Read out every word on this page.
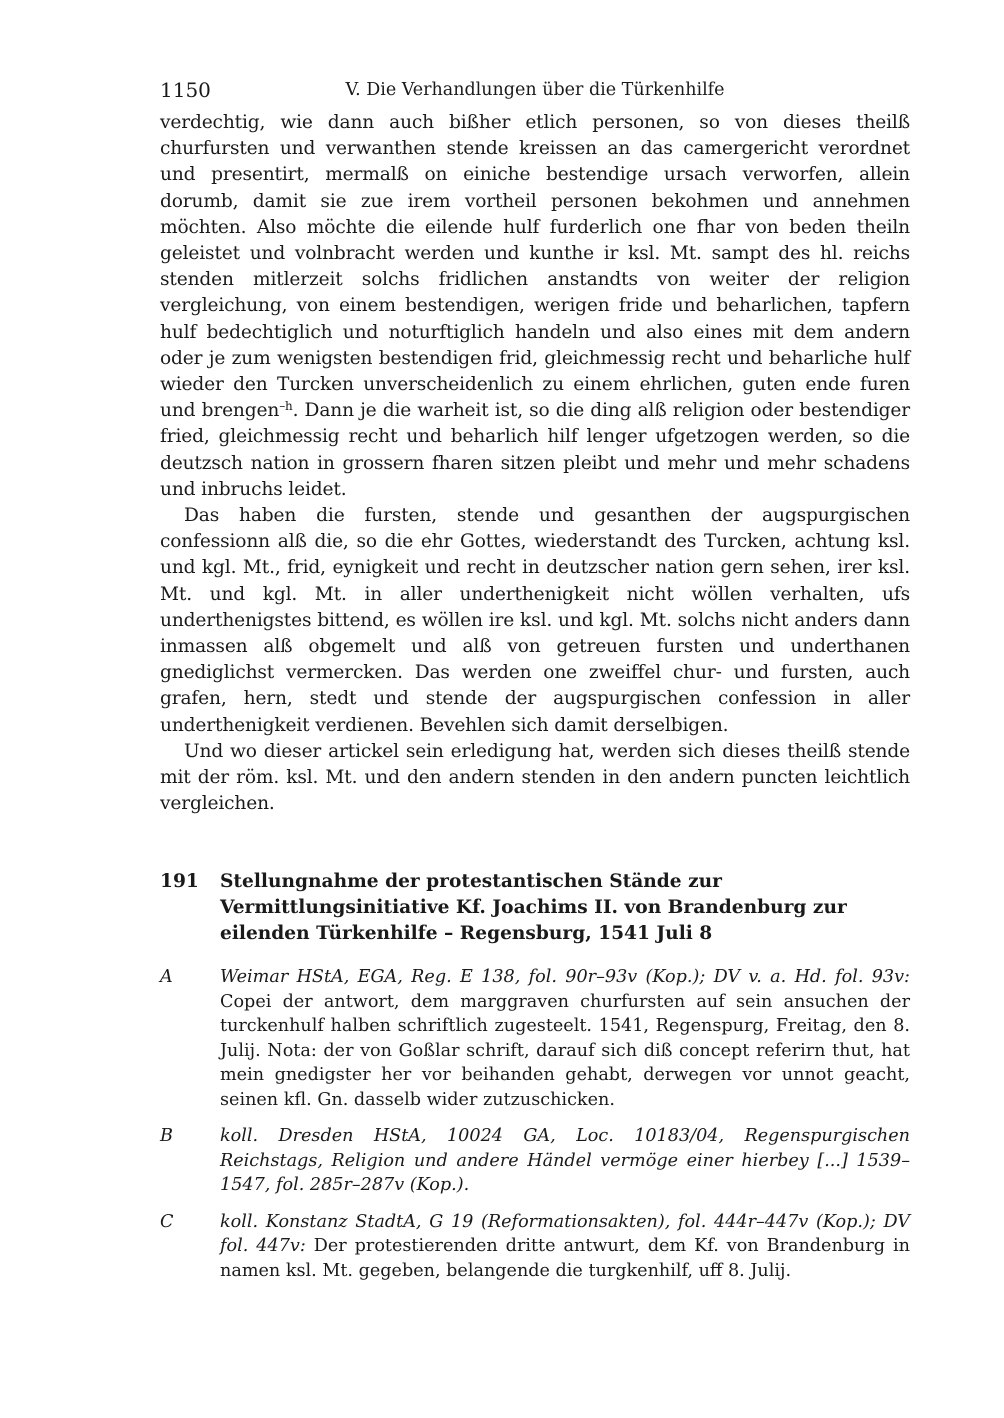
1150	V. Die Verhandlungen über die Türkenhilfe

verdechtig, wie dann auch bißher etlich personen, so von dieses theilß churfursten und verwanthen stende kreissen an das camergericht verordnet und presentirt, mermalß on einiche bestendige ursach verworfen, allein dorumb, damit sie zue irem vortheil personen bekohmen und annehmen möchten. Also möchte die eilende hulf furderlich one fhar von beden theiln geleistet und volnbracht werden und kunthe ir ksl. Mt. sampt des hl. reichs stenden mitlerzeit solchs fridlichen anstandts von weiter der religion vergleichung, von einem bestendigen, werigen fride und beharlichen, tapfern hulf bedechtiglich und noturftiglich handeln und also eines mit dem andern oder je zum wenigsten bestendigen frid, gleichmessig recht und beharliche hulf wieder den Turcken unverscheidenlich zu einem ehrlichen, guten ende furen und brengen$^{-h}$. Dann je die warheit ist, so die ding alß religion oder bestendiger fried, gleichmessig recht und beharlich hilf lenger ufgetzogen werden, so die deutzsch nation in grossern fharen sitzen pleibt und mehr und mehr schadens und inbruchs leidet.

Das haben die fursten, stende und gesanthen der augspurgischen confessionn alß die, so die ehr Gottes, wiederstandt des Turcken, achtung ksl. und kgl. Mt., frid, eynigkeit und recht in deutzscher nation gern sehen, irer ksl. Mt. und kgl. Mt. in aller underthenigkeit nicht wöllen verhalten, ufs underthenigstes bittend, es wöllen ire ksl. und kgl. Mt. solchs nicht anders dann inmassen alß obgemelt und alß von getreuen fursten und underthanen gnediglichst vermercken. Das werden one zweiffel chur- und fursten, auch grafen, hern, stedt und stende der augspurgischen confession in aller underthenigkeit verdienen. Bevehlen sich damit derselbigen.

Und wo dieser artickel sein erledigung hat, werden sich dieses theilß stende mit der röm. ksl. Mt. und den andern stenden in den andern puncten leichtlich vergleichen.

191	Stellungnahme der protestantischen Stände zur Vermittlungsinitiative Kf. Joachims II. von Brandenburg zur eilenden Türkenhilfe – Regensburg, 1541 Juli 8
A	Weimar HStA, EGA, Reg. E 138, fol. 90r–93v (Kop.); DV v. a. Hd. fol. 93v: Copei der antwort, dem marggraven churfursten auf sein ansuchen der turckenhulf halben schriftlich zugesteelt. 1541, Regenspurg, Freitag, den 8. Julij. Nota: der von Goßlar schrift, darauf sich diß concept referirn thut, hat mein gnedigster her vor beihanden gehabt, derwegen vor unnot geacht, seinen kfl. Gn. dasselb wider zutzuschicken.
B	koll. Dresden HStA, 10024 GA, Loc. 10183/04, Regenspurgischen Reichstags, Religion und andere Händel vermöge einer hierbey [...] 1539–1547, fol. 285r–287v (Kop.).
C	koll. Konstanz StadtA, G 19 (Reformationsakten), fol. 444r–447v (Kop.); DV fol. 447v: Der protestierenden dritte antwurt, dem Kf. von Brandenburg in namen ksl. Mt. gegeben, belangende die turgkenhilf, uff 8. Julij.
